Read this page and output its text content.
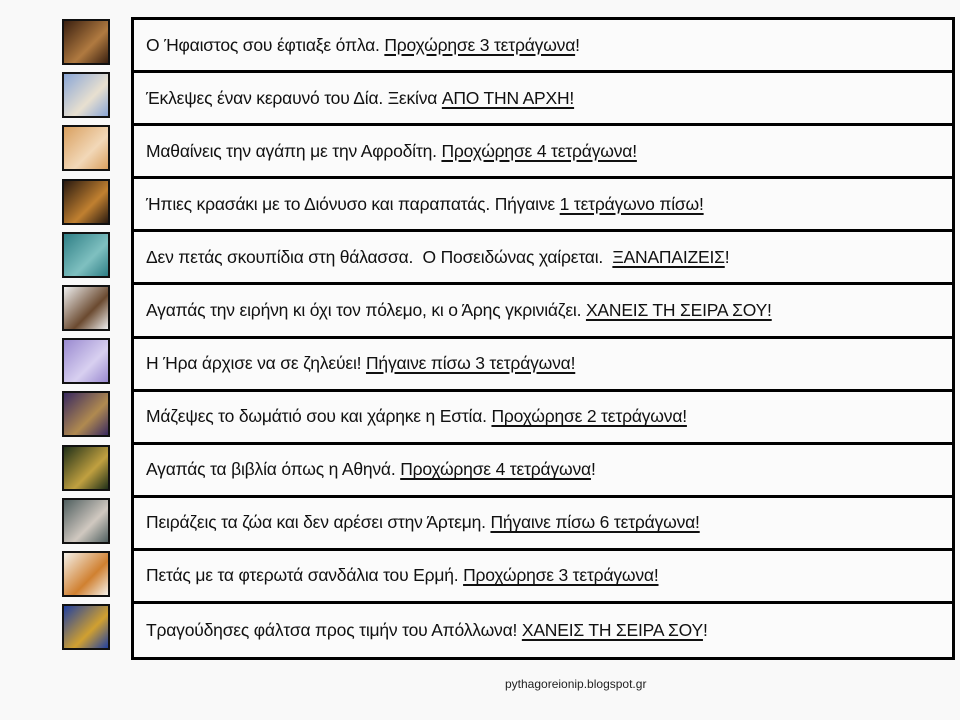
Ο Ήφαιστος σου έφτιαξε όπλα. Προχώρησε 3 τετράγωνα !
Έκλεψες έναν κεραυνό του Δία. Ξεκίνα ΑΠΟ ΤΗΝ ΑΡΧΗ!
Μαθαίνεις την αγάπη με την Αφροδίτη. Προχώρησε 4 τετράγωνα!
Ήπιες κρασάκι με το Διόνυσο και παραπατάς. Πήγαινε 1 τετράγωνο πίσω!
Δεν πετάς σκουπίδια στη θάλασσα.  Ο Ποσειδώνας χαίρεται. ΞΑΝΑΠΑΙΖΕΙΣ !
Αγαπάς την ειρήνη κι όχι τον πόλεμο, κι ο Άρης γκρινιάζει. ΧΑΝΕΙΣ ΤΗ ΣΕΙΡΑ ΣΟΥ!
Η Ήρα άρχισε να σε ζηλεύει! Πήγαινε πίσω 3 τετράγωνα!
Μάζεψες το δωμάτιό σου και χάρηκε η Εστία. Προχώρησε 2 τετράγωνα!
Αγαπάς τα βιβλία όπως η Αθηνά. Προχώρησε 4 τετράγωνα !
Πειράζεις τα ζώα και δεν αρέσει στην Άρτεμη. Πήγαινε πίσω 6 τετράγωνα!
Πετάς με τα φτερωτά σανδάλια του Ερμή. Προχώρησε 3 τετράγωνα!
Τραγούδησες φάλτσα προς τιμήν του Απόλλωνα! ΧΑΝΕΙΣ ΤΗ ΣΕΙΡΑ ΣΟΥ !
pythagoreionip.blogspot.gr
